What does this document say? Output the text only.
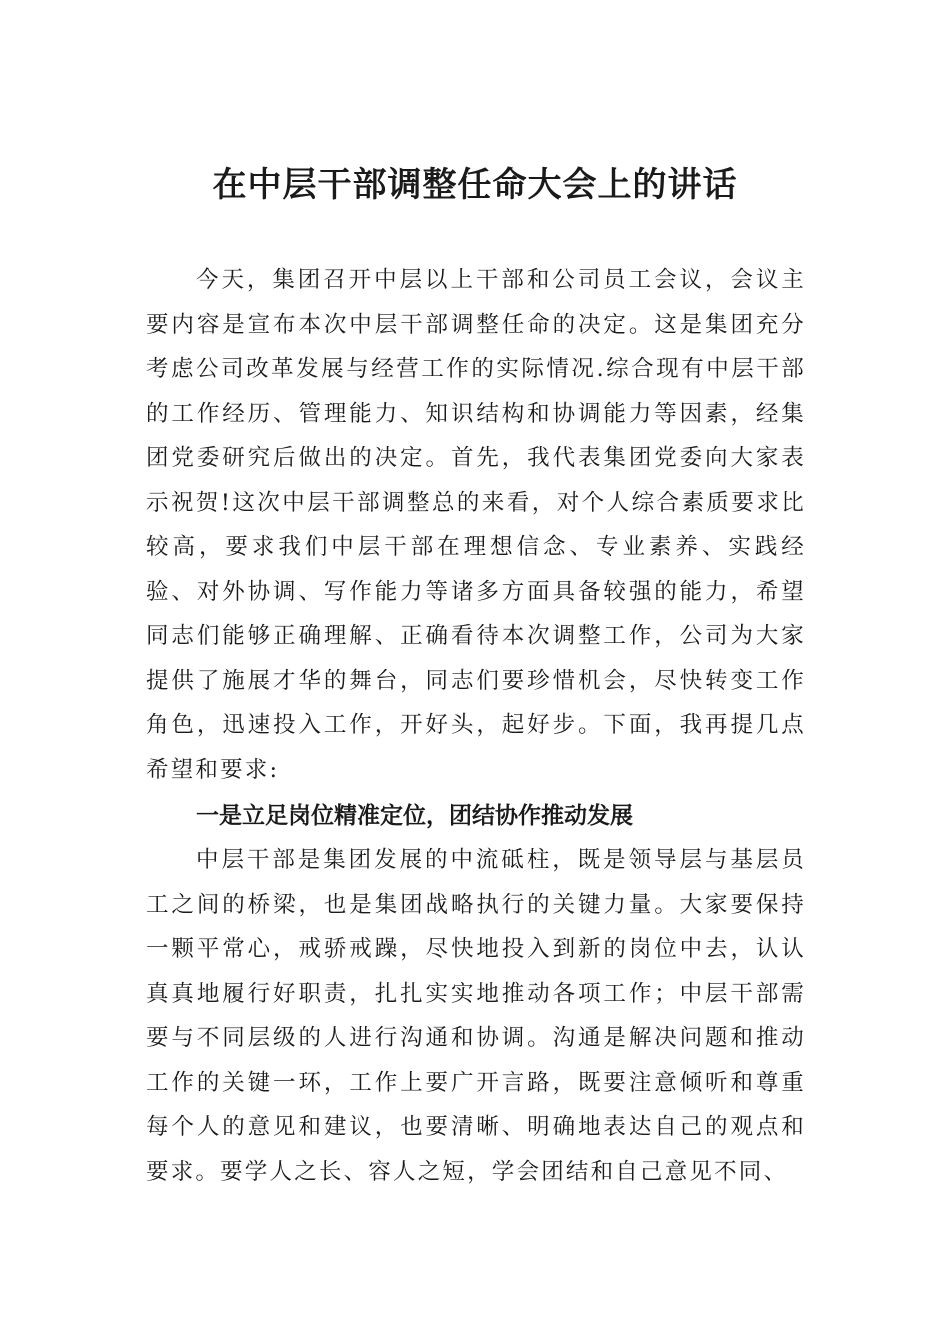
在中层干部调整任命大会上的讲话

今天，集团召开中层以上干部和公司员工会议，会议主要内容是宣布本次中层干部调整任命的决定。这是集团充分考虑公司改革发展与经营工作的实际情况.综合现有中层干部的工作经历、管理能力、知识结构和协调能力等因素，经集团党委研究后做出的决定。首先，我代表集团党委向大家表示祝贺!这次中层干部调整总的来看，对个人综合素质要求比较高，要求我们中层干部在理想信念、专业素养、实践经验、对外协调、写作能力等诸多方面具备较强的能力，希望同志们能够正确理解、正确看待本次调整工作，公司为大家提供了施展才华的舞台，同志们要珍惜机会，尽快转变工作角色，迅速投入工作，开好头，起好步。下面，我再提几点希望和要求:

一是立足岗位精准定位，团结协作推动发展

中层干部是集团发展的中流砥柱，既是领导层与基层员工之间的桥梁，也是集团战略执行的关键力量。大家要保持一颗平常心，戒骄戒躁，尽快地投入到新的岗位中去，认认真真地履行好职责，扎扎实实地推动各项工作；中层干部需要与不同层级的人进行沟通和协调。沟通是解决问题和推动工作的关键一环，工作上要广开言路，既要注意倾听和尊重每个人的意见和建议，也要清晰、明确地表达自己的观点和要求。要学人之长、容人之短，学会团结和自己意见不同、
